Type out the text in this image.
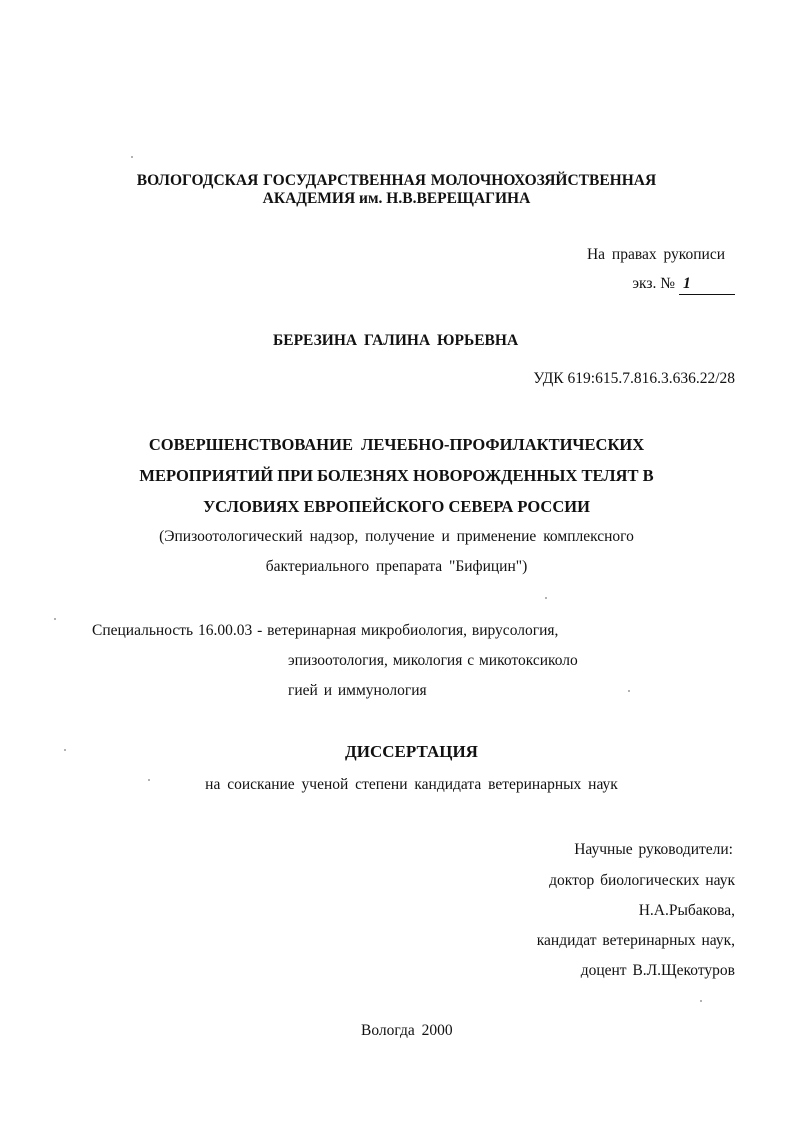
ВОЛОГОДСКАЯ ГОСУДАРСТВЕННАЯ МОЛОЧНОХОЗЯЙСТВЕННАЯ
АКАДЕМИЯ им. Н.В.ВЕРЕЩАГИНА
На правах рукописи
экз. № 1
БЕРЕЗИНА ГАЛИНА ЮРЬЕВНА
УДК 619:615.7.816.3.636.22/28
СОВЕРШЕНСТВОВАНИЕ ЛЕЧЕБНО-ПРОФИЛАКТИЧЕСКИХ
МЕРОПРИЯТИЙ ПРИ БОЛЕЗНЯХ НОВОРОЖДЕННЫХ ТЕЛЯТ В
УСЛОВИЯХ ЕВРОПЕЙСКОГО СЕВЕРА РОССИИ
(Эпизоотологический надзор, получение и применение комплексного
бактериального препарата "Бифицин")
Специальность 16.00.03 - ветеринарная микробиология, вирусология,
эпизоотология, микология с микотоксиколо
гией и иммунология
ДИССЕРТАЦИЯ
на соискание ученой степени кандидата ветеринарных наук
Научные руководители:
доктор биологических наук
Н.А.Рыбакова,
кандидат ветеринарных наук,
доцент В.Л.Щекотуров
Вологда 2000
